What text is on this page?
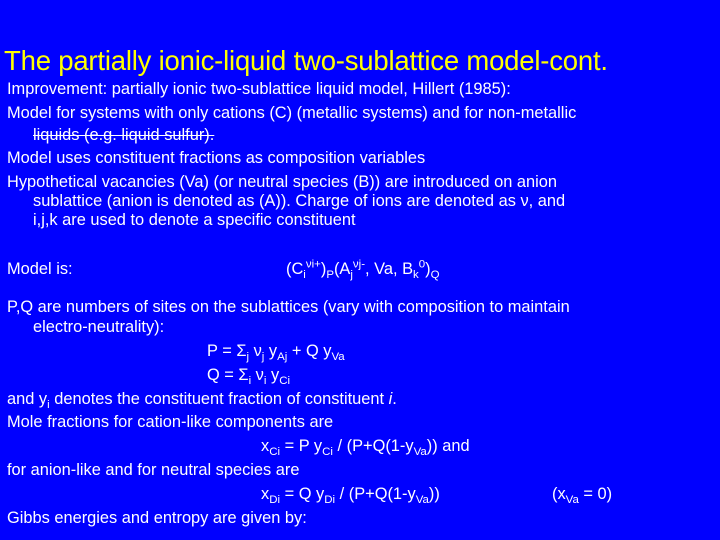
The partially ionic-liquid two-sublattice model-cont.
Improvement: partially ionic two-sublattice liquid model, Hillert (1985):
Model for systems with only cations (C) (metallic systems) and for non-metallic
liquids (e.g. liquid sulfur).
Model uses constituent fractions as composition variables
Hypothetical vacancies (Va) (or neutral species (B)) are introduced on anion
sublattice (anion is denoted as (A)). Charge of ions are denoted as ν, and
i,j,k are used to denote a specific constituent
Model is:	$(C_i^{\nu i+})_P(A_j^{\nu j-}$, Va, $B_k^0)_Q$
P,Q are numbers of sites on the sublattices (vary with composition to maintain
electro-neutrality):
$P = \Sigma_j$ $\nu_j$ $y_{Aj} + Q$ $y_{Va}$
$Q = \Sigma_i$ $\nu_i$ $y_{Ci}$
and $y_i$ denotes the constituent fraction of constituent i.
Mole fractions for cation-like components are
$x_{Ci} = P$ $y_{Ci} / (P+Q(1-y_{Va}))$ and
for anion-like and for neutral species are
$x_{Di} = Q$ $y_{Di} / (P+Q(1-y_{Va}))$	$(x_{Va} = 0)$
Gibbs energies and entropy are given by:
